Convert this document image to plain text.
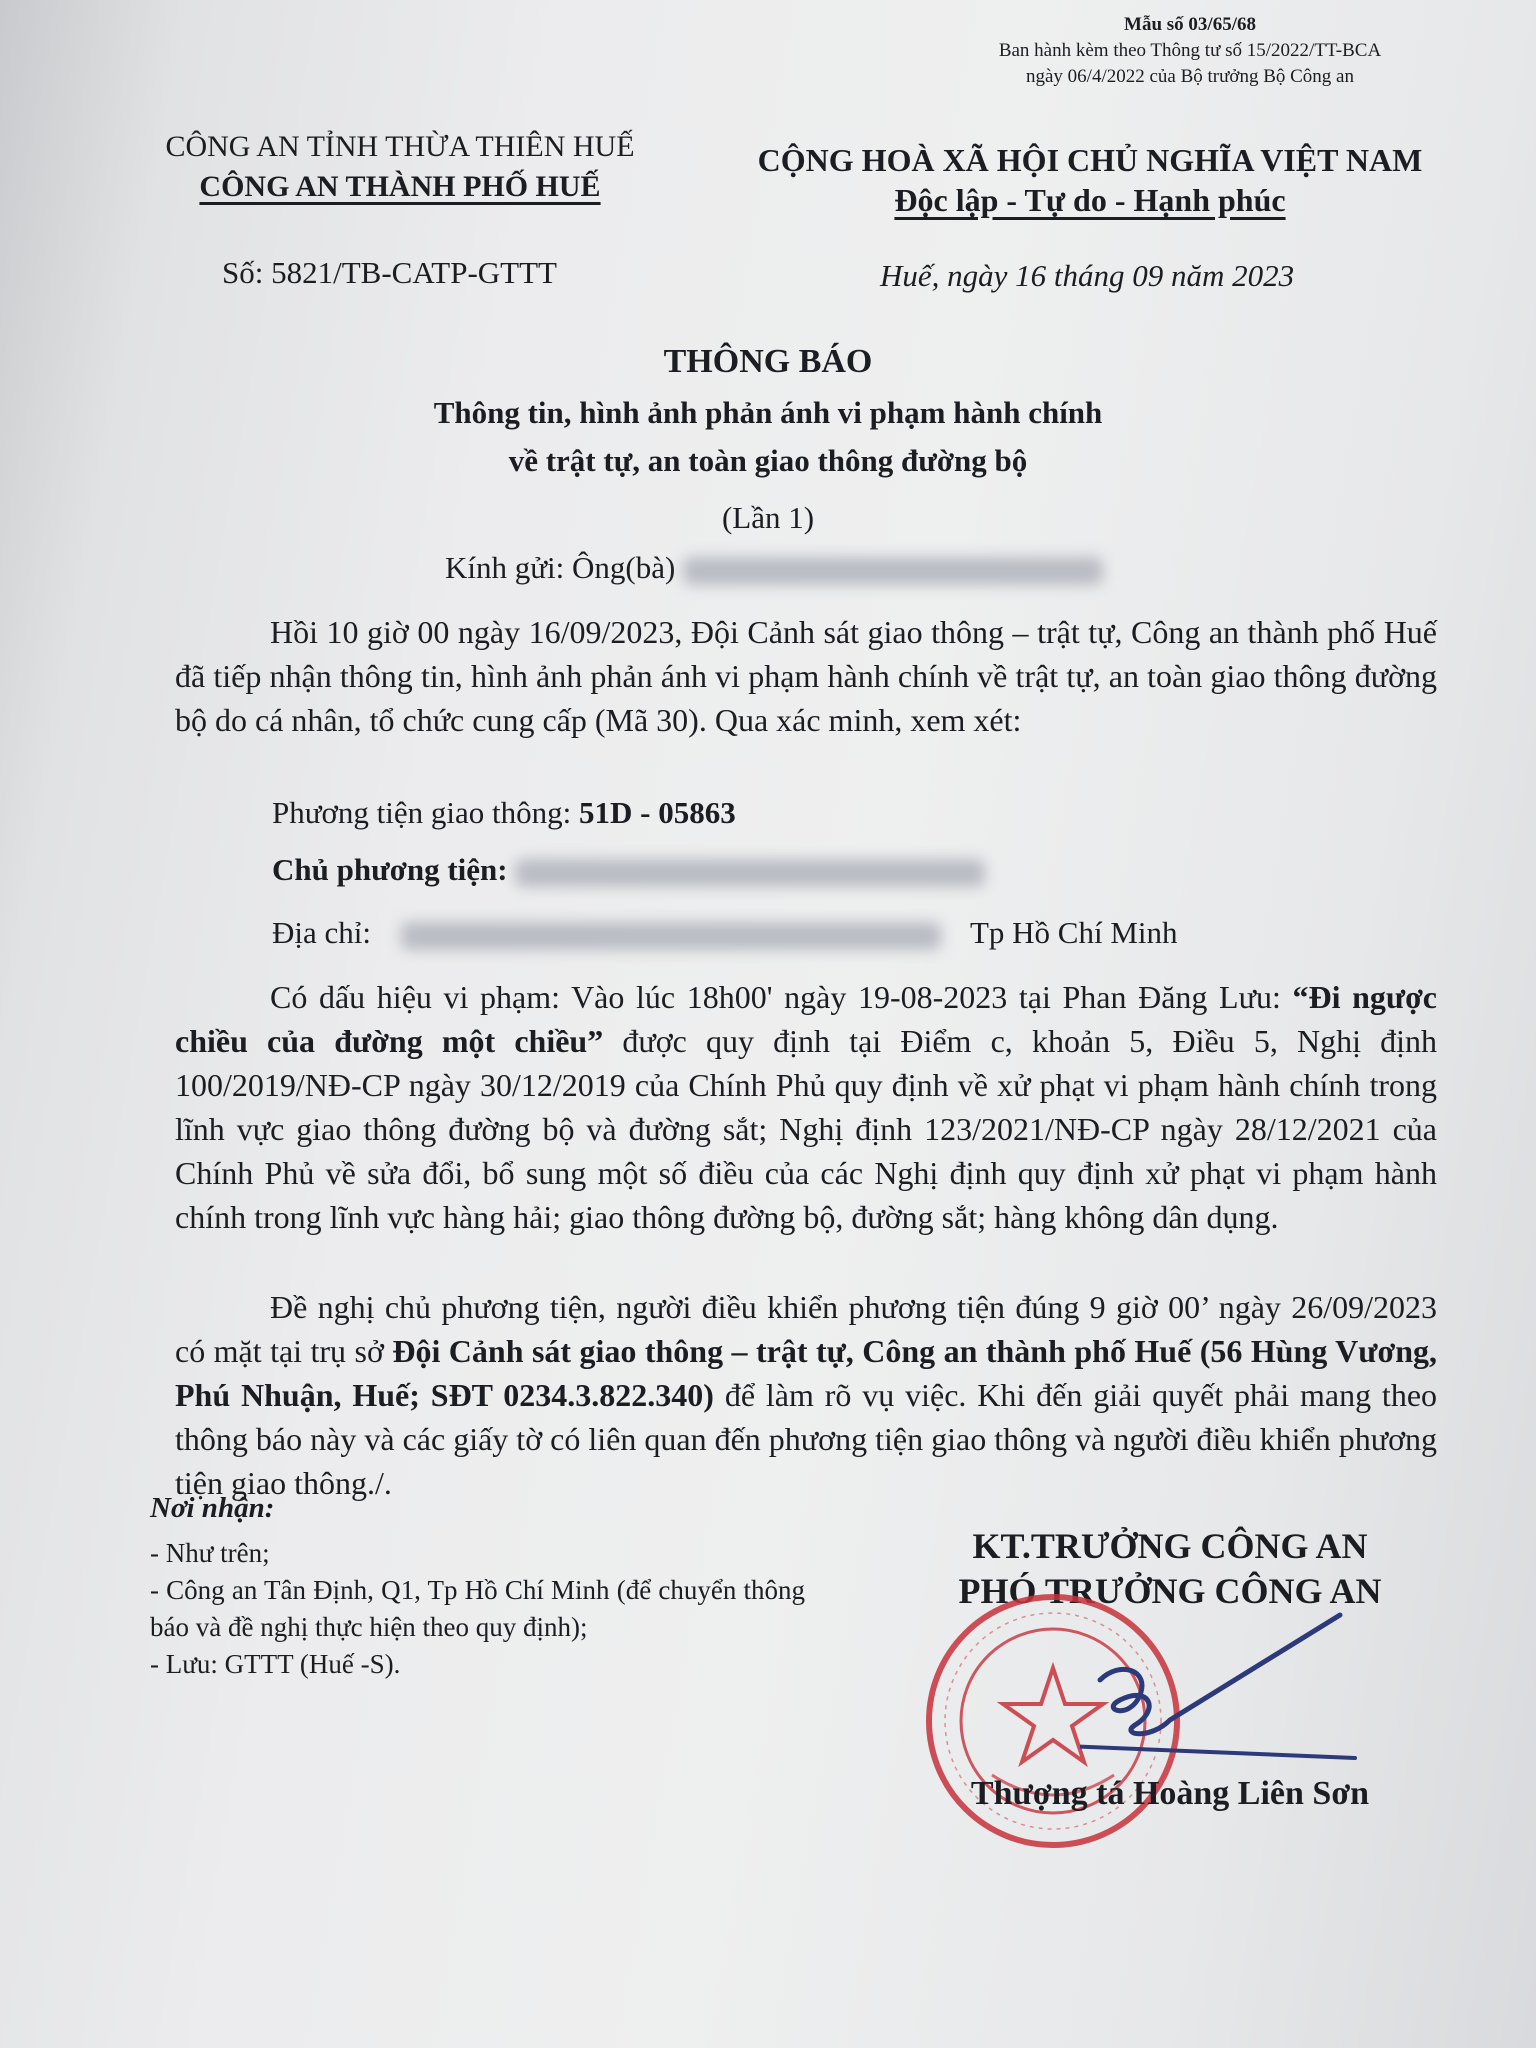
Mẫu số 03/65/68
Ban hành kèm theo Thông tư số 15/2022/TT-BCA
ngày 06/4/2022 của Bộ trưởng Bộ Công an
CÔNG AN TỈNH THỪA THIÊN HUẾ
CÔNG AN THÀNH PHỐ HUẾ
CỘNG HOÀ XÃ HỘI CHỦ NGHĨA VIỆT NAM
Độc lập - Tự do - Hạnh phúc
Số: 5821/TB-CATP-GTTT	Huế, ngày 16 tháng 09 năm 2023
THÔNG BÁO
Thông tin, hình ảnh phản ánh vi phạm hành chính
về trật tự, an toàn giao thông đường bộ
(Lần 1)
Kính gửi: Ông(bà)

Hồi 10 giờ 00 ngày 16/09/2023, Đội Cảnh sát giao thông – trật tự, Công an thành phố Huế đã tiếp nhận thông tin, hình ảnh phản ánh vi phạm hành chính về trật tự, an toàn giao thông đường bộ do cá nhân, tổ chức cung cấp (Mã 30). Qua xác minh, xem xét:

Phương tiện giao thông: 51D - 05863
Chủ phương tiện:
Địa chỉ:	Tp Hồ Chí Minh

Có dấu hiệu vi phạm: Vào lúc 18h00' ngày 19-08-2023 tại Phan Đăng Lưu: “Đi ngược chiều của đường một chiều” được quy định tại Điểm c, khoản 5, Điều 5, Nghị định 100/2019/NĐ-CP ngày 30/12/2019 của Chính Phủ quy định về xử phạt vi phạm hành chính trong lĩnh vực giao thông đường bộ và đường sắt; Nghị định 123/2021/NĐ-CP ngày 28/12/2021 của Chính Phủ về sửa đổi, bổ sung một số điều của các Nghị định quy định xử phạt vi phạm hành chính trong lĩnh vực hàng hải; giao thông đường bộ, đường sắt; hàng không dân dụng.

Đề nghị chủ phương tiện, người điều khiển phương tiện đúng 9 giờ 00’ ngày 26/09/2023 có mặt tại trụ sở Đội Cảnh sát giao thông – trật tự, Công an thành phố Huế (56 Hùng Vương, Phú Nhuận, Huế; SĐT 0234.3.822.340) để làm rõ vụ việc. Khi đến giải quyết phải mang theo thông báo này và các giấy tờ có liên quan đến phương tiện giao thông và người điều khiển phương tiện giao thông./.

Nơi nhận:
- Như trên;
- Công an Tân Định, Q1, Tp Hồ Chí Minh (để chuyển thông báo và đề nghị thực hiện theo quy định);
- Lưu: GTTT (Huế -S).
KT.TRƯỞNG CÔNG AN
PHÓ TRƯỞNG CÔNG AN
Thượng tá Hoàng Liên Sơn
